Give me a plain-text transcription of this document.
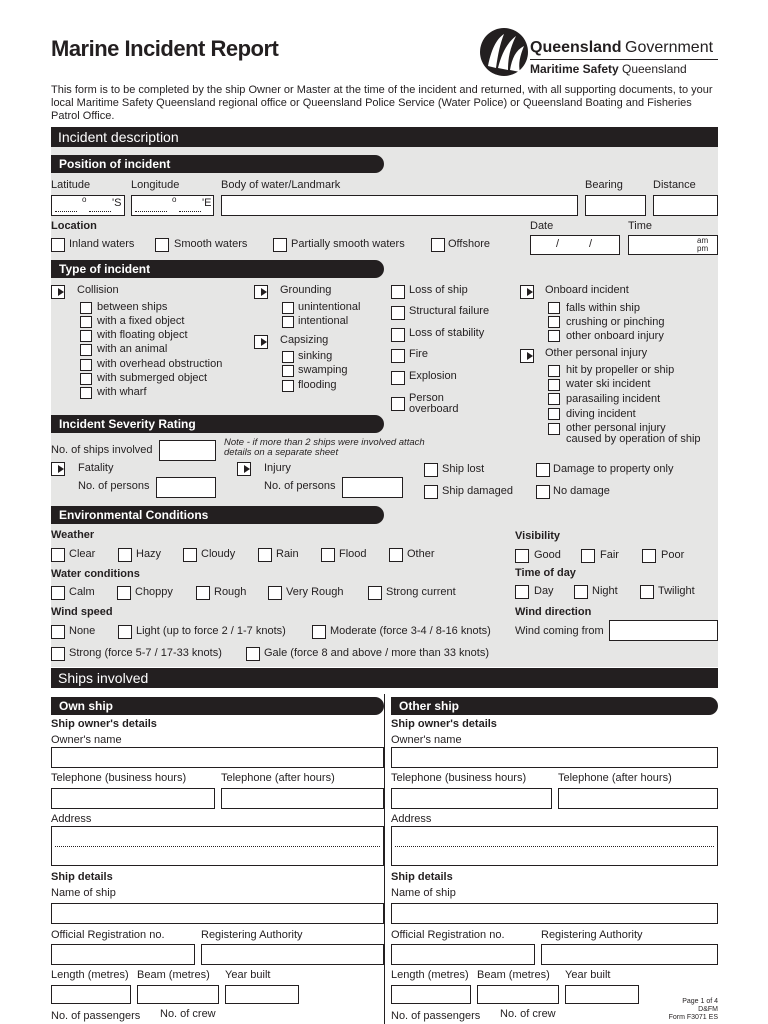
Marine Incident Report	Queensland Government
Maritime Safety Queensland
This form is to be completed by the ship Owner or Master at the time of the incident and returned, with all supporting documents, to your local Maritime Safety Queensland regional office or Queensland Police Service (Water Police) or Queensland Boating and Fisheries Patrol Office.
Incident description
Position of incident
Latitude	Longitude	Body of water/Landmark	Bearing	Distance
o 'S	o 'E
Location	Date	Time
Inland waters	Smooth waters	Partially smooth waters	Offshore	/	/	am
pm
Type of incident
Collision
between ships
with a fixed object
with floating object
with an animal
with overhead obstruction
with submerged object
with wharf
Grounding
unintentional
intentional
Capsizing
sinking
swamping
flooding
Loss of ship
Structural failure
Loss of stability
Fire
Explosion
Person
overboard
Onboard incident
falls within ship
crushing or pinching
other onboard injury
Other personal injury
hit by propeller or ship
water ski incident
parasailing incident
diving incident
other personal injury
caused by operation of ship
Incident Severity Rating
No. of ships involved
Note - if more than 2 ships were involved attach
details on a separate sheet
Fatality
No. of persons
Injury
No. of persons
Ship lost
Ship damaged
Damage to property only
No damage
Environmental Conditions
Weather	Visibility
Clear	Hazy	Cloudy	Rain	Flood	Other	Good	Fair	Poor
Water conditions	Time of day
Calm	Choppy	Rough	Very Rough	Strong current	Day	Night	Twilight
Wind speed	Wind direction
None	Light (up to force 2 / 1-7 knots)	Moderate (force 3-4 / 8-16 knots) Wind coming from
Strong (force 5-7 / 17-33 knots)	Gale (force 8 and above / more than 33 knots)
Ships involved
Own ship
Ship owner's details
Owner's name
Telephone (business hours)	Telephone (after hours)
Address
Ship details
Name of ship
Official Registration no.	Registering Authority
Length (metres) Beam (metres) Year built
No. of passengers No. of crew
Other ship
Ship owner's details
Owner's name
Telephone (business hours)	Telephone (after hours)
Address
Ship details
Name of ship
Official Registration no.	Registering Authority
Length (metres) Beam (metres) Year built
No. of passengers No. of crew
Page 1 of 4
D&FM
Form F3071 ES
